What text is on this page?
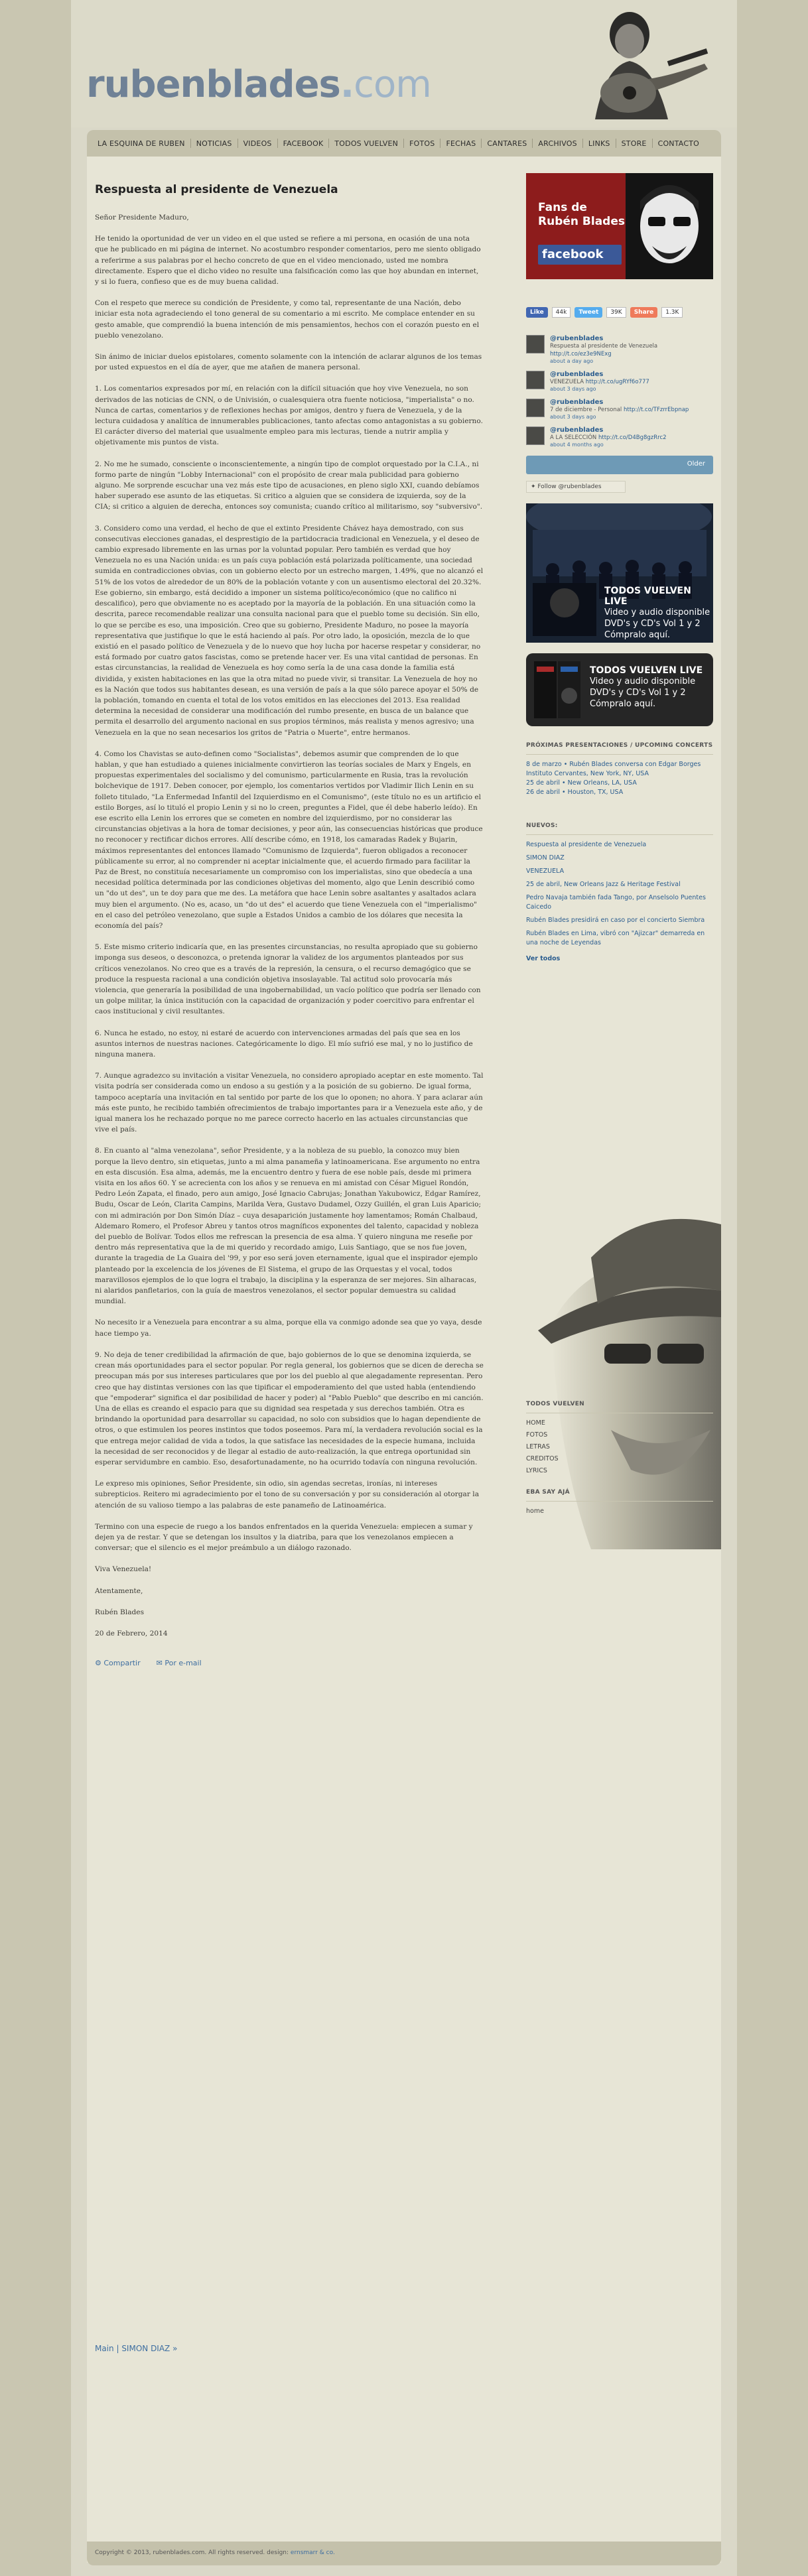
rubenblades.com
LA ESQUINA DE RUBEN	NOTICIAS	VIDEOS	FACEBOOK	TODOS VUELVEN	FOTOS	FECHAS	CANTARES	ARCHIVOS	LINKS	STORE	CONTACTO
Respuesta al presidente de Venezuela

Señor Presidente Maduro,

He tenido la oportunidad de ver un video en el que usted se refiere a mi persona, en ocasión de una nota que he publicado en mi página de internet. No acostumbro responder comentarios, pero me siento obligado a referirme a sus palabras por el hecho concreto de que en el video mencionado, usted me nombra directamente. Espero que el dicho video no resulte una falsificación como las que hoy abundan en internet, y si lo fuera, confieso que es de muy buena calidad.

Con el respeto que merece su condición de Presidente, y como tal, representante de una Nación, debo iniciar esta nota agradeciendo el tono general de su comentario a mi escrito. Me complace entender en su gesto amable, que comprendió la buena intención de mis pensamientos, hechos con el corazón puesto en el pueblo venezolano.

Sin ánimo de iniciar duelos epistolares, comento solamente con la intención de aclarar algunos de los temas por usted expuestos en el día de ayer, que me atañen de manera personal.

1. Los comentarios expresados por mí, en relación con la difícil situación que hoy vive Venezuela, no son derivados de las noticias de CNN, o de Univisión, o cualesquiera otra fuente noticiosa, "imperialista" o no. Nunca de cartas, comentarios y de reflexiones hechas por amigos, dentro y fuera de Venezuela, y de la lectura cuidadosa y analítica de innumerables publicaciones, tanto afectas como antagonistas a su gobierno. El carácter diverso del material que usualmente empleo para mis lecturas, tiende a nutrir amplia y objetivamente mis puntos de vista.

2. No me he sumado, consciente o inconscientemente, a ningún tipo de complot orquestado por la C.I.A., ni formo parte de ningún "Lobby Internacional" con el propósito de crear mala publicidad para gobierno alguno. Me sorprende escuchar una vez más este tipo de acusaciones, en pleno siglo XXI, cuando debíamos haber superado ese asunto de las etiquetas. Si critico a alguien que se considera de izquierda, soy de la CIA; si critico a alguien de derecha, entonces soy comunista; cuando crítico al militarismo, soy "subversivo".

3. Considero como una verdad, el hecho de que el extinto Presidente Chávez haya demostrado, con sus consecutivas elecciones ganadas, el desprestigio de la partidocracia tradicional en Venezuela, y el deseo de cambio expresado libremente en las urnas por la voluntad popular. Pero también es verdad que hoy Venezuela no es una Nación unida: es un país cuya población está polarizada políticamente, una sociedad sumida en contradicciones obvias, con un gobierno electo por un estrecho margen, 1.49%, que no alcanzó el 51% de los votos de alrededor de un 80% de la población votante y con un ausentismo electoral del 20.32%. Ese gobierno, sin embargo, está decidido a imponer un sistema político/económico (que no califico ni descalifico), pero que obviamente no es aceptado por la mayoría de la población. En una situación como la descrita, parece recomendable realizar una consulta nacional para que el pueblo tome su decisión. Sin ello, lo que se percibe es eso, una imposición. Creo que su gobierno, Presidente Maduro, no posee la mayoría representativa que justifique lo que le está haciendo al país. Por otro lado, la oposición, mezcla de lo que existió en el pasado político de Venezuela y de lo nuevo que hoy lucha por hacerse respetar y considerar, no está formado por cuatro gatos fascistas, como se pretende hacer ver. Es una vital cantidad de personas. En estas circunstancias, la realidad de Venezuela es hoy como sería la de una casa donde la familia está dividida, y existen habitaciones en las que la otra mitad no puede vivir, si transitar. La Venezuela de hoy no es la Nación que todos sus habitantes desean, es una versión de país a la que sólo parece apoyar el 50% de la población, tomando en cuenta el total de los votos emitidos en las elecciones del 2013. Esa realidad determina la necesidad de considerar una modificación del rumbo presente, en busca de un balance que permita el desarrollo del argumento nacional en sus propios términos, más realista y menos agresivo; una Venezuela en la que no sean necesarios los gritos de "Patria o Muerte", entre hermanos.

4. Como los Chavistas se auto-definen como "Socialistas", debemos asumir que comprenden de lo que hablan, y que han estudiado a quienes inicialmente convirtieron las teorías sociales de Marx y Engels, en propuestas experimentales del socialismo y del comunismo, particularmente en Rusia, tras la revolución bolchevique de 1917. Deben conocer, por ejemplo, los comentarios vertidos por Vladimir Ilich Lenin en su folleto titulado, "La Enfermedad Infantil del Izquierdismo en el Comunismo", (este título no es un artificio el estilo Borges, así lo tituló el propio Lenin y si no lo creen, preguntes a Fidel, que él debe haberlo leído). En ese escrito ella Lenin los errores que se cometen en nombre del izquierdismo, por no considerar las circunstancias objetivas a la hora de tomar decisiones, y peor aún, las consecuencias históricas que produce no reconocer y rectificar dichos errores. Allí describe cómo, en 1918, los camaradas Radek y Bujarin, máximos representantes del entonces llamado "Comunismo de Izquierda", fueron obligados a reconocer públicamente su error, al no comprender ni aceptar inicialmente que, el acuerdo firmado para facilitar la Paz de Brest, no constituía necesariamente un compromiso con los imperialistas, sino que obedecía a una necesidad política determinada por las condiciones objetivas del momento, algo que Lenin describió como un "do ut des", un te doy para que me des. La metáfora que hace Lenin sobre asaltantes y asaltados aclara muy bien el argumento. (No es, acaso, un "do ut des" el acuerdo que tiene Venezuela con el "imperialismo" en el caso del petróleo venezolano, que suple a Estados Unidos a cambio de los dólares que necesita la economía del país?

5. Este mismo criterio indicaría que, en las presentes circunstancias, no resulta apropiado que su gobierno imponga sus deseos, o desconozca, o pretenda ignorar la validez de los argumentos planteados por sus críticos venezolanos. No creo que es a través de la represión, la censura, o el recurso demagógico que se produce la respuesta racional a una condición objetiva insoslayable. Tal actitud solo provocaría más violencia, que generaría la posibilidad de una ingobernabilidad, un vacío político que podría ser llenado con un golpe militar, la única institución con la capacidad de organización y poder coercitivo para enfrentar el caos institucional y civil resultantes.

6. Nunca he estado, no estoy, ni estaré de acuerdo con intervenciones armadas del país que sea en los asuntos internos de nuestras naciones. Categóricamente lo digo. El mío sufrió ese mal, y no lo justifico de ninguna manera.

7. Aunque agradezco su invitación a visitar Venezuela, no considero apropiado aceptar en este momento. Tal visita podría ser considerada como un endoso a su gestión y a la posición de su gobierno. De igual forma, tampoco aceptaría una invitación en tal sentido por parte de los que lo oponen; no ahora. Y para aclarar aún más este punto, he recibido también ofrecimientos de trabajo importantes para ir a Venezuela este año, y de igual manera los he rechazado porque no me parece correcto hacerlo en las actuales circunstancias que vive el país.

8. En cuanto al "alma venezolana", señor Presidente, y a la nobleza de su pueblo, la conozco muy bien porque la llevo dentro, sin etiquetas, junto a mi alma panameña y latinoamericana. Ese argumento no entra en esta discusión. Esa alma, además, me la encuentro dentro y fuera de ese noble país, desde mi primera visita en los años 60. Y se acrecienta con los años y se renueva en mi amistad con César Miguel Rondón, Pedro León Zapata, el finado, pero aun amigo, José Ignacio Cabrujas; Jonathan Yakubowicz, Edgar Ramírez, Budu, Oscar de León, Clarita Campins, Marilda Vera, Gustavo Dudamel, Ozzy Guillén, el gran Luis Aparicio; con mi admiración por Don Simón Díaz – cuya desaparición justamente hoy lamentamos; Román Chalbaud, Aldemaro Romero, el Profesor Abreu y tantos otros magníficos exponentes del talento, capacidad y nobleza del pueblo de Bolívar. Todos ellos me refrescan la presencia de esa alma. Y quiero ninguna me reseñe por dentro más representativa que la de mi querido y recordado amigo, Luis Santiago, que se nos fue joven, durante la tragedia de La Guaira del '99, y por eso será joven eternamente, igual que el inspirador ejemplo planteado por la excelencia de los jóvenes de El Sistema, el grupo de las Orquestas y el vocal, todos maravillosos ejemplos de lo que logra el trabajo, la disciplina y la esperanza de ser mejores. Sin alharacas, ni alaridos panfletarios, con la guía de maestros venezolanos, el sector popular demuestra su calidad mundial.

No necesito ir a Venezuela para encontrar a su alma, porque ella va conmigo adonde sea que yo vaya, desde hace tiempo ya.

9. No deja de tener credibilidad la afirmación de que, bajo gobiernos de lo que se denomina izquierda, se crean más oportunidades para el sector popular. Por regla general, los gobiernos que se dicen de derecha se preocupan más por sus intereses particulares que por los del pueblo al que alegadamente representan. Pero creo que hay distintas versiones con las que tipificar el empoderamiento del que usted habla (entendiendo que "empoderar" significa el dar posibilidad de hacer y poder) al "Pablo Pueblo" que describo en mi canción. Una de ellas es creando el espacio para que su dignidad sea respetada y sus derechos también. Otra es brindando la oportunidad para desarrollar su capacidad, no solo con subsidios que lo hagan dependiente de otros, o que estimulen los peores instintos que todos poseemos. Para mí, la verdadera revolución social es la que entrega mejor calidad de vida a todos, la que satisface las necesidades de la especie humana, incluida la necesidad de ser reconocidos y de llegar al estadio de auto-realización, la que entrega oportunidad sin esperar servidumbre en cambio. Eso, desafortunadamente, no ha ocurrido todavía con ninguna revolución.

Le expreso mis opiniones, Señor Presidente, sin odio, sin agendas secretas, ironías, ni intereses subrepticios. Reitero mi agradecimiento por el tono de su conversación y por su consideración al otorgar la atención de su valioso tiempo a las palabras de este panameño de Latinoamérica.

Termino con una especie de ruego a los bandos enfrentados en la querida Venezuela: empiecen a sumar y dejen ya de restar. Y que se detengan los insultos y la diatriba, para que los venezolanos empiecen a conversar; que el silencio es el mejor preámbulo a un diálogo razonado.

Viva Venezuela!

Atentamente,

Rubén Blades

20 de Febrero, 2014

⚙ Compartir ✉ Por e-mail
Fans de
Rubén Blades
facebook
Like	44k	Tweet	39K	Share	1.3K
@rubenblades
Respuesta al presidente de Venezuela
http://t.co/ez3e9NExg
about a day ago
@rubenblades
VENEZUELA http://t.co/ugRYf6o777
about 3 days ago
@rubenblades
7 de diciembre - Personal http://t.co/TFzrrEbpnap
about 3 days ago
@rubenblades
A LA SELECCIÓN http://t.co/D4Bg8gzRrc2
about 4 months ago
Older
✦ Follow @rubenblades
TODOS VUELVEN LIVE
Video y audio disponible DVD's y CD's Vol 1 y 2 Cómpralo aquí.
TODOS VUELVEN LIVE
Video y audio disponible DVD's y CD's Vol 1 y 2 Cómpralo aquí.
PRÓXIMAS PRESENTACIONES / UPCOMING CONCERTS
8 de marzo • Rubén Blades conversa con Edgar Borges
Instituto Cervantes, New York, NY, USA
25 de abril • New Orleans, LA, USA
26 de abril • Houston, TX, USA
NUEVOS:
Respuesta al presidente de Venezuela
SIMON DIAZ
VENEZUELA
25 de abril, New Orleans Jazz & Heritage Festival
Pedro Navaja también fada Tango, por Anselsolo Puentes Caicedo
Rubén Blades presidirá en caso por el concierto Siembra
Rubén Blades en Lima, vibró con "Ajizcar" demarreda en una noche de Leyendas
Ver todos
TODOS VUELVEN
HOME
FOTOS
LETRAS
CREDITOS
LYRICS
EBA SAY AJÁ
home
Main | SIMON DIAZ »
Copyright © 2013, rubenblades.com. All rights reserved. design: ernsmarr & co.
